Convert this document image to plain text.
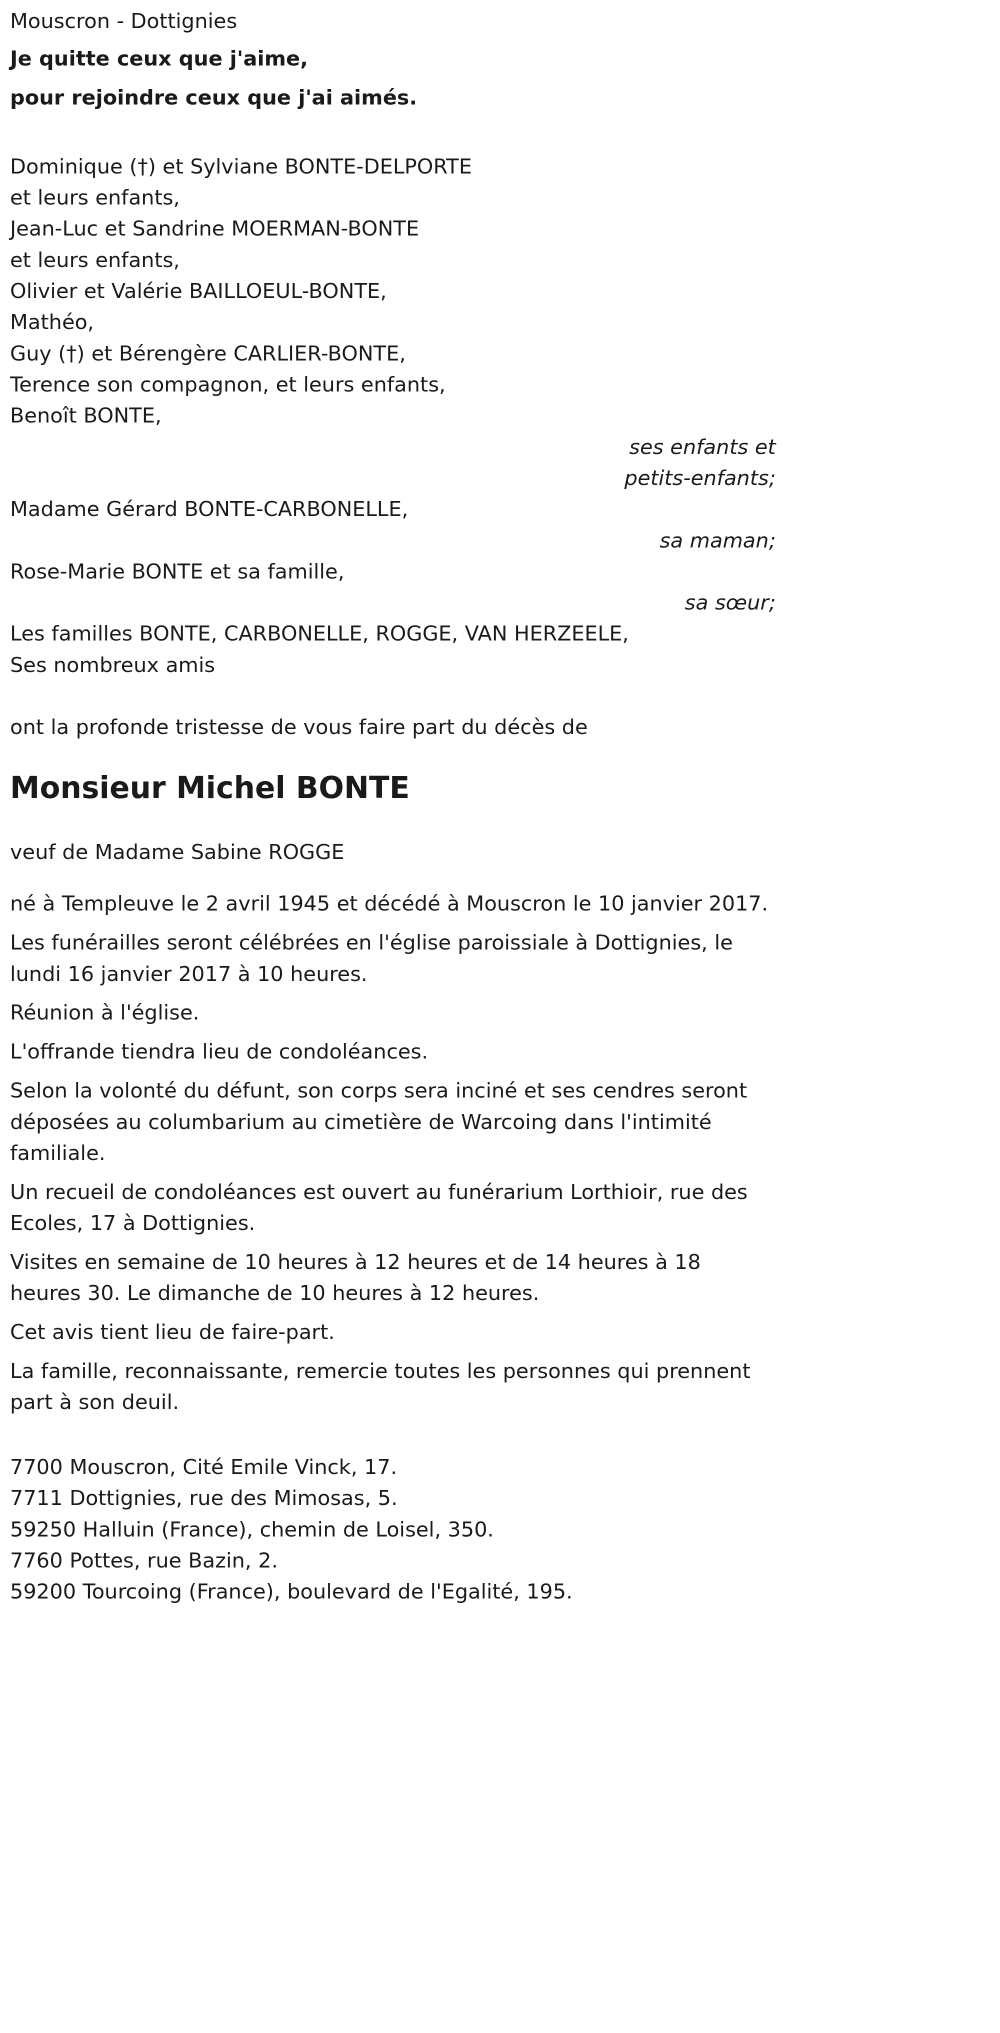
Mouscron - Dottignies
Je quitte ceux que j'aime,
pour rejoindre ceux que j'ai aimés.
Dominique (†) et Sylviane BONTE-DELPORTE
et leurs enfants,
Jean-Luc et Sandrine MOERMAN-BONTE
et leurs enfants,
Olivier et Valérie BAILLOEUL-BONTE,
Mathéo,
Guy (†) et Bérengère CARLIER-BONTE,
Terence son compagnon, et leurs enfants,
Benoît BONTE,
ses enfants et
petits-enfants;
Madame Gérard BONTE-CARBONELLE,
sa maman;
Rose-Marie BONTE et sa famille,
sa sœur;
Les familles BONTE, CARBONELLE, ROGGE, VAN HERZEELE,
Ses nombreux amis
ont la profonde tristesse de vous faire part du décès de
Monsieur Michel BONTE
veuf de Madame Sabine ROGGE
né à Templeuve le 2 avril 1945 et décédé à Mouscron le 10 janvier 2017.
Les funérailles seront célébrées en l'église paroissiale à Dottignies, le lundi 16 janvier 2017 à 10 heures.
Réunion à l'église.
L'offrande tiendra lieu de condoléances.
Selon la volonté du défunt, son corps sera inciné et ses cendres seront déposées au columbarium au cimetière de Warcoing dans l'intimité familiale.
Un recueil de condoléances est ouvert au funérarium Lorthioir, rue des Ecoles, 17 à Dottignies.
Visites en semaine de 10 heures à 12 heures et de 14 heures à 18 heures 30. Le dimanche de 10 heures à 12 heures.
Cet avis tient lieu de faire-part.
La famille, reconnaissante, remercie toutes les personnes qui prennent part à son deuil.
7700 Mouscron, Cité Emile Vinck, 17.
7711 Dottignies, rue des Mimosas, 5.
59250 Halluin (France), chemin de Loisel, 350.
7760 Pottes, rue Bazin, 2.
59200 Tourcoing (France), boulevard de l'Egalité, 195.
